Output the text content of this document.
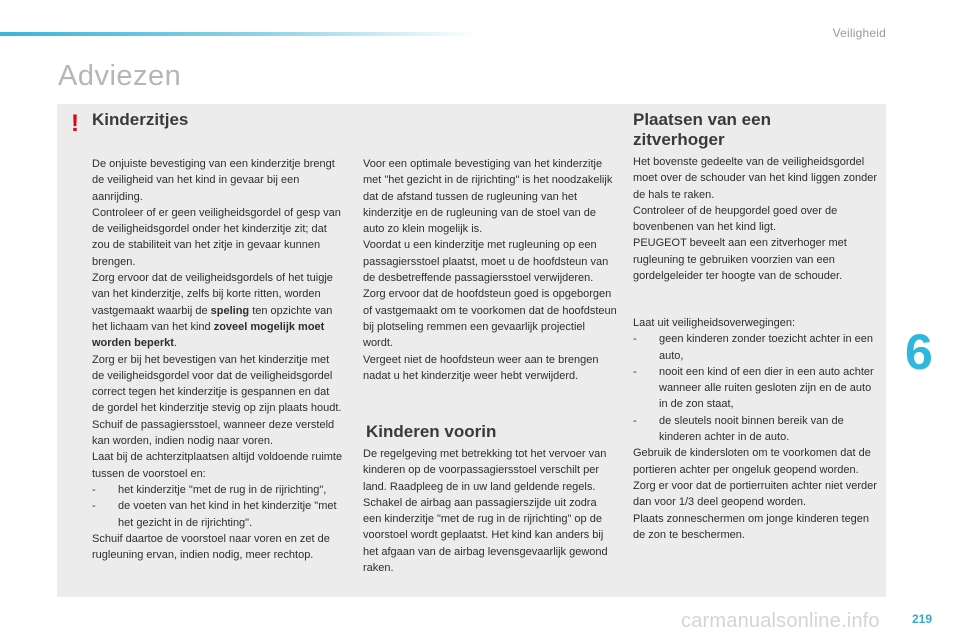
Veiligheid
Adviezen
! Kinderzitjes

De onjuiste bevestiging van een kinderzitje brengt de veiligheid van het kind in gevaar bij een aanrijding.

Controleer of er geen veiligheidsgordel of gesp van de veiligheidsgordel onder het kinderzitje zit; dat zou de stabiliteit van het zitje in gevaar kunnen brengen.

Zorg ervoor dat de veiligheidsgordels of het tuigje van het kinderzitje, zelfs bij korte ritten, worden vastgemaakt waarbij de speling ten opzichte van het lichaam van het kind zoveel mogelijk moet worden beperkt.

Zorg er bij het bevestigen van het kinderzitje met de veiligheidsgordel voor dat de veiligheidsgordel correct tegen het kinderzitje is gespannen en dat de gordel het kinderzitje stevig op zijn plaats houdt. Schuif de passagiersstoel, wanneer deze versteld kan worden, indien nodig naar voren.

Laat bij de achterzitplaatsen altijd voldoende ruimte tussen de voorstoel en:

- het kinderzitje "met de rug in de rijrichting",

- de voeten van het kind in het kinderzitje "met het gezicht in de rijrichting".

Schuif daartoe de voorstoel naar voren en zet de rugleuning ervan, indien nodig, meer rechtop.

Voor een optimale bevestiging van het kinderzitje met "het gezicht in de rijrichting" is het noodzakelijk dat de afstand tussen de rugleuning van het kinderzitje en de rugleuning van de stoel van de auto zo klein mogelijk is.

Voordat u een kinderzitje met rugleuning op een passagiersstoel plaatst, moet u de hoofdsteun van de desbetreffende passagiersstoel verwijderen.

Zorg ervoor dat de hoofdsteun goed is opgeborgen of vastgemaakt om te voorkomen dat de hoofdsteun bij plotseling remmen een gevaarlijk projectiel wordt.

Vergeet niet de hoofdsteun weer aan te brengen nadat u het kinderzitje weer hebt verwijderd.

Kinderen voorin

De regelgeving met betrekking tot het vervoer van kinderen op de voorpassagiersstoel verschilt per land. Raadpleeg de in uw land geldende regels.

Schakel de airbag aan passagierszijde uit zodra een kinderzitje "met de rug in de rijrichting" op de voorstoel wordt geplaatst. Het kind kan anders bij het afgaan van de airbag levensgevaarlijk gewond raken.

Plaatsen van een zitverhoger

Het bovenste gedeelte van de veiligheidsgordel moet over de schouder van het kind liggen zonder de hals te raken.

Controleer of de heupgordel goed over de bovenbenen van het kind ligt.

PEUGEOT beveelt aan een zitverhoger met rugleuning te gebruiken voorzien van een gordelgeleider ter hoogte van de schouder.

Laat uit veiligheidsoverwegingen:

- geen kinderen zonder toezicht achter in een auto,

- nooit een kind of een dier in een auto achter wanneer alle ruiten gesloten zijn en de auto in de zon staat,

- de sleutels nooit binnen bereik van de kinderen achter in de auto.

Gebruik de kindersloten om te voorkomen dat de portieren achter per ongeluk geopend worden.

Zorg er voor dat de portierruiten achter niet verder dan voor 1/3 deel geopend worden.

Plaats zonneschermen om jonge kinderen tegen de zon te beschermen.

6
carmanualsonline.info	219
